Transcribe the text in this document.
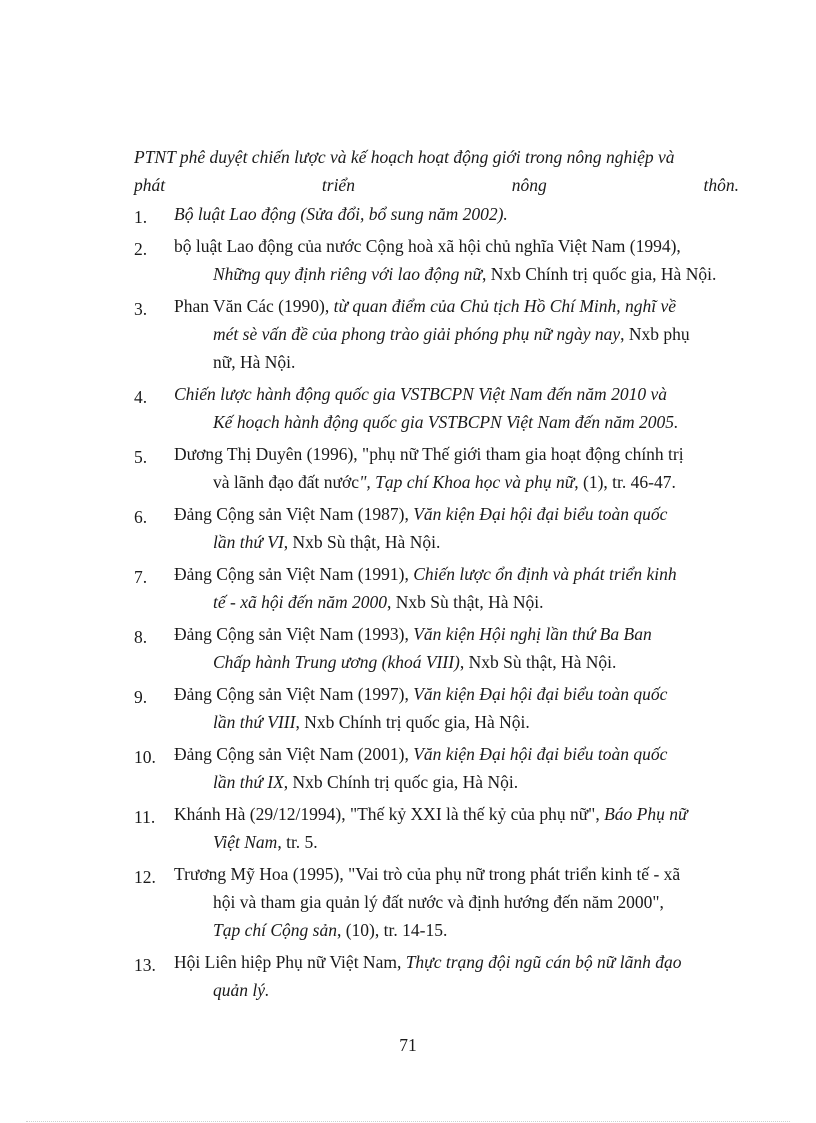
PTNT phê duyệt chiến lược và kế hoạch hoạt động giới trong nông nghiệp và
phát	triển	nông	thôn.
1. Bộ luật Lao động (Sửa đổi, bổ sung năm 2002).
2. bộ luật Lao động của nước Cộng hoà xã hội chủ nghĩa Việt Nam (1994),
Những quy định riêng với lao động nữ, Nxb Chính trị quốc gia, Hà Nội.
3. Phan Văn Các (1990), từ quan điểm của Chủ tịch Hồ Chí Minh, nghĩ về
mét sè vấn đề của phong trào giải phóng phụ nữ ngày nay, Nxb phụ
nữ, Hà Nội.
4. Chiến lược hành động quốc gia VSTBCPN Việt Nam đến năm 2010 và
Kế hoạch hành động quốc gia VSTBCPN Việt Nam đến năm 2005.
5. Dương Thị Duyên (1996), "phụ nữ Thế giới tham gia hoạt động chính trị
và lãnh đạo đất nước", Tạp chí Khoa học và phụ nữ, (1), tr. 46-47.
6. Đảng Cộng sản Việt Nam (1987), Văn kiện Đại hội đại biểu toàn quốc
lần thứ VI, Nxb Sù thật, Hà Nội.
7. Đảng Cộng sản Việt Nam (1991), Chiến lược ổn định và phát triển kinh
tế - xã hội đến năm 2000, Nxb Sù thật, Hà Nội.
8. Đảng Cộng sản Việt Nam (1993), Văn kiện Hội nghị lần thứ Ba Ban
Chấp hành Trung ương (khoá VIII), Nxb Sù thật, Hà Nội.
9. Đảng Cộng sản Việt Nam (1997), Văn kiện Đại hội đại biểu toàn quốc
lần thứ VIII, Nxb Chính trị quốc gia, Hà Nội.
10. Đảng Cộng sản Việt Nam (2001), Văn kiện Đại hội đại biểu toàn quốc
lần thứ IX, Nxb Chính trị quốc gia, Hà Nội.
11. Khánh Hà (29/12/1994), "Thế kỷ XXI là thế kỷ của phụ nữ", Báo Phụ nữ
Việt Nam, tr. 5.
12. Trương Mỹ Hoa (1995), "Vai trò của phụ nữ trong phát triển kinh tế - xã
hội và tham gia quản lý đất nước và định hướng đến năm 2000",
Tạp chí Cộng sản, (10), tr. 14-15.
13. Hội Liên hiệp Phụ nữ Việt Nam, Thực trạng đội ngũ cán bộ nữ lãnh đạo
quản lý.
71
